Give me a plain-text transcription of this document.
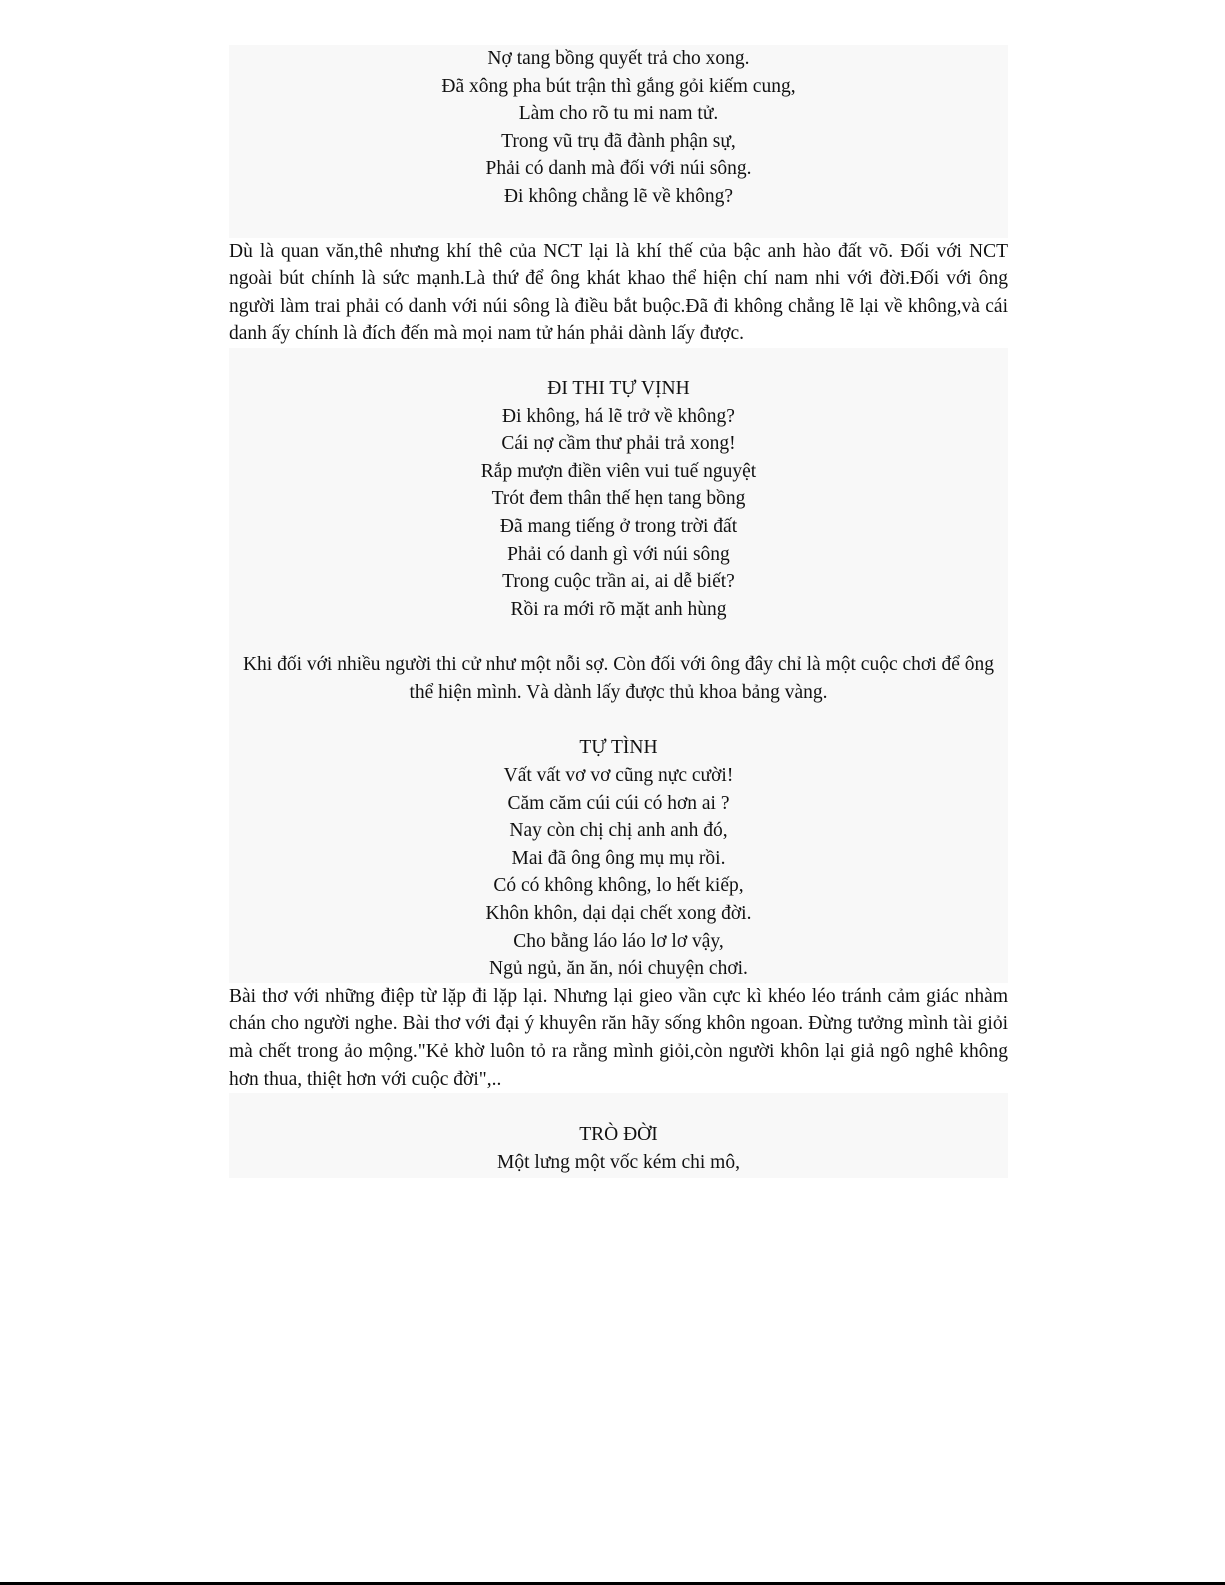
Nợ tang bồng quyết trả cho xong.
Đã xông pha bút trận thì gắng gỏi kiếm cung,
Làm cho rõ tu mi nam tử.
Trong vũ trụ đã đành phận sự,
Phải có danh mà đối với núi sông.
Đi không chẳng lẽ về không?

Dù là quan văn,thê nhưng khí thê của NCT lại là khí thế của bậc anh hào đất võ. Đối với NCT ngoài bút chính là sức mạnh.Là thứ để ông khát khao thể hiện chí nam nhi với đời.Đối với ông người làm trai phải có danh với núi sông là điều bắt buộc.Đã đi không chẳng lẽ lại về không,và cái danh ấy chính là đích đến mà mọi nam tử hán phải dành lấy được.

ĐI THI TỰ VỊNH
Đi không, há lẽ trở về không?
Cái nợ cầm thư phải trả xong!
Rắp mượn điền viên vui tuế nguyệt
Trót đem thân thế hẹn tang bồng
Đã mang tiếng ở trong trời đất
Phải có danh gì với núi sông
Trong cuộc trần ai, ai dễ biết?
Rồi ra mới rõ mặt anh hùng

Khi đối với nhiều người thi cử như một nỗi sợ. Còn đối với ông đây chỉ là một cuộc chơi để ông thể hiện mình. Và dành lấy được thủ khoa bảng vàng.

TỰ TÌNH
Vất vất vơ vơ cũng nực cười!
Căm căm cúi cúi có hơn ai ?
Nay còn chị chị anh anh đó,
Mai đã ông ông mụ mụ rồi.
Có có không không, lo hết kiếp,
Khôn khôn, dại dại chết xong đời.
Cho bằng láo láo lơ lơ vậy,
Ngủ ngủ, ăn ăn, nói chuyện chơi.

Bài thơ với những điệp từ lặp đi lặp lại. Nhưng lại gieo vần cực kì khéo léo tránh cảm giác nhàm chán cho người nghe. Bài thơ với đại ý khuyên răn hãy sống khôn ngoan. Đừng tưởng mình tài giỏi mà chết trong ảo mộng."Kẻ khờ luôn tỏ ra rằng mình giỏi,còn người khôn lại giả ngô nghê không hơn thua, thiệt hơn với cuộc đời",..

TRÒ ĐỜI
Một lưng một vốc kém chi mô,
